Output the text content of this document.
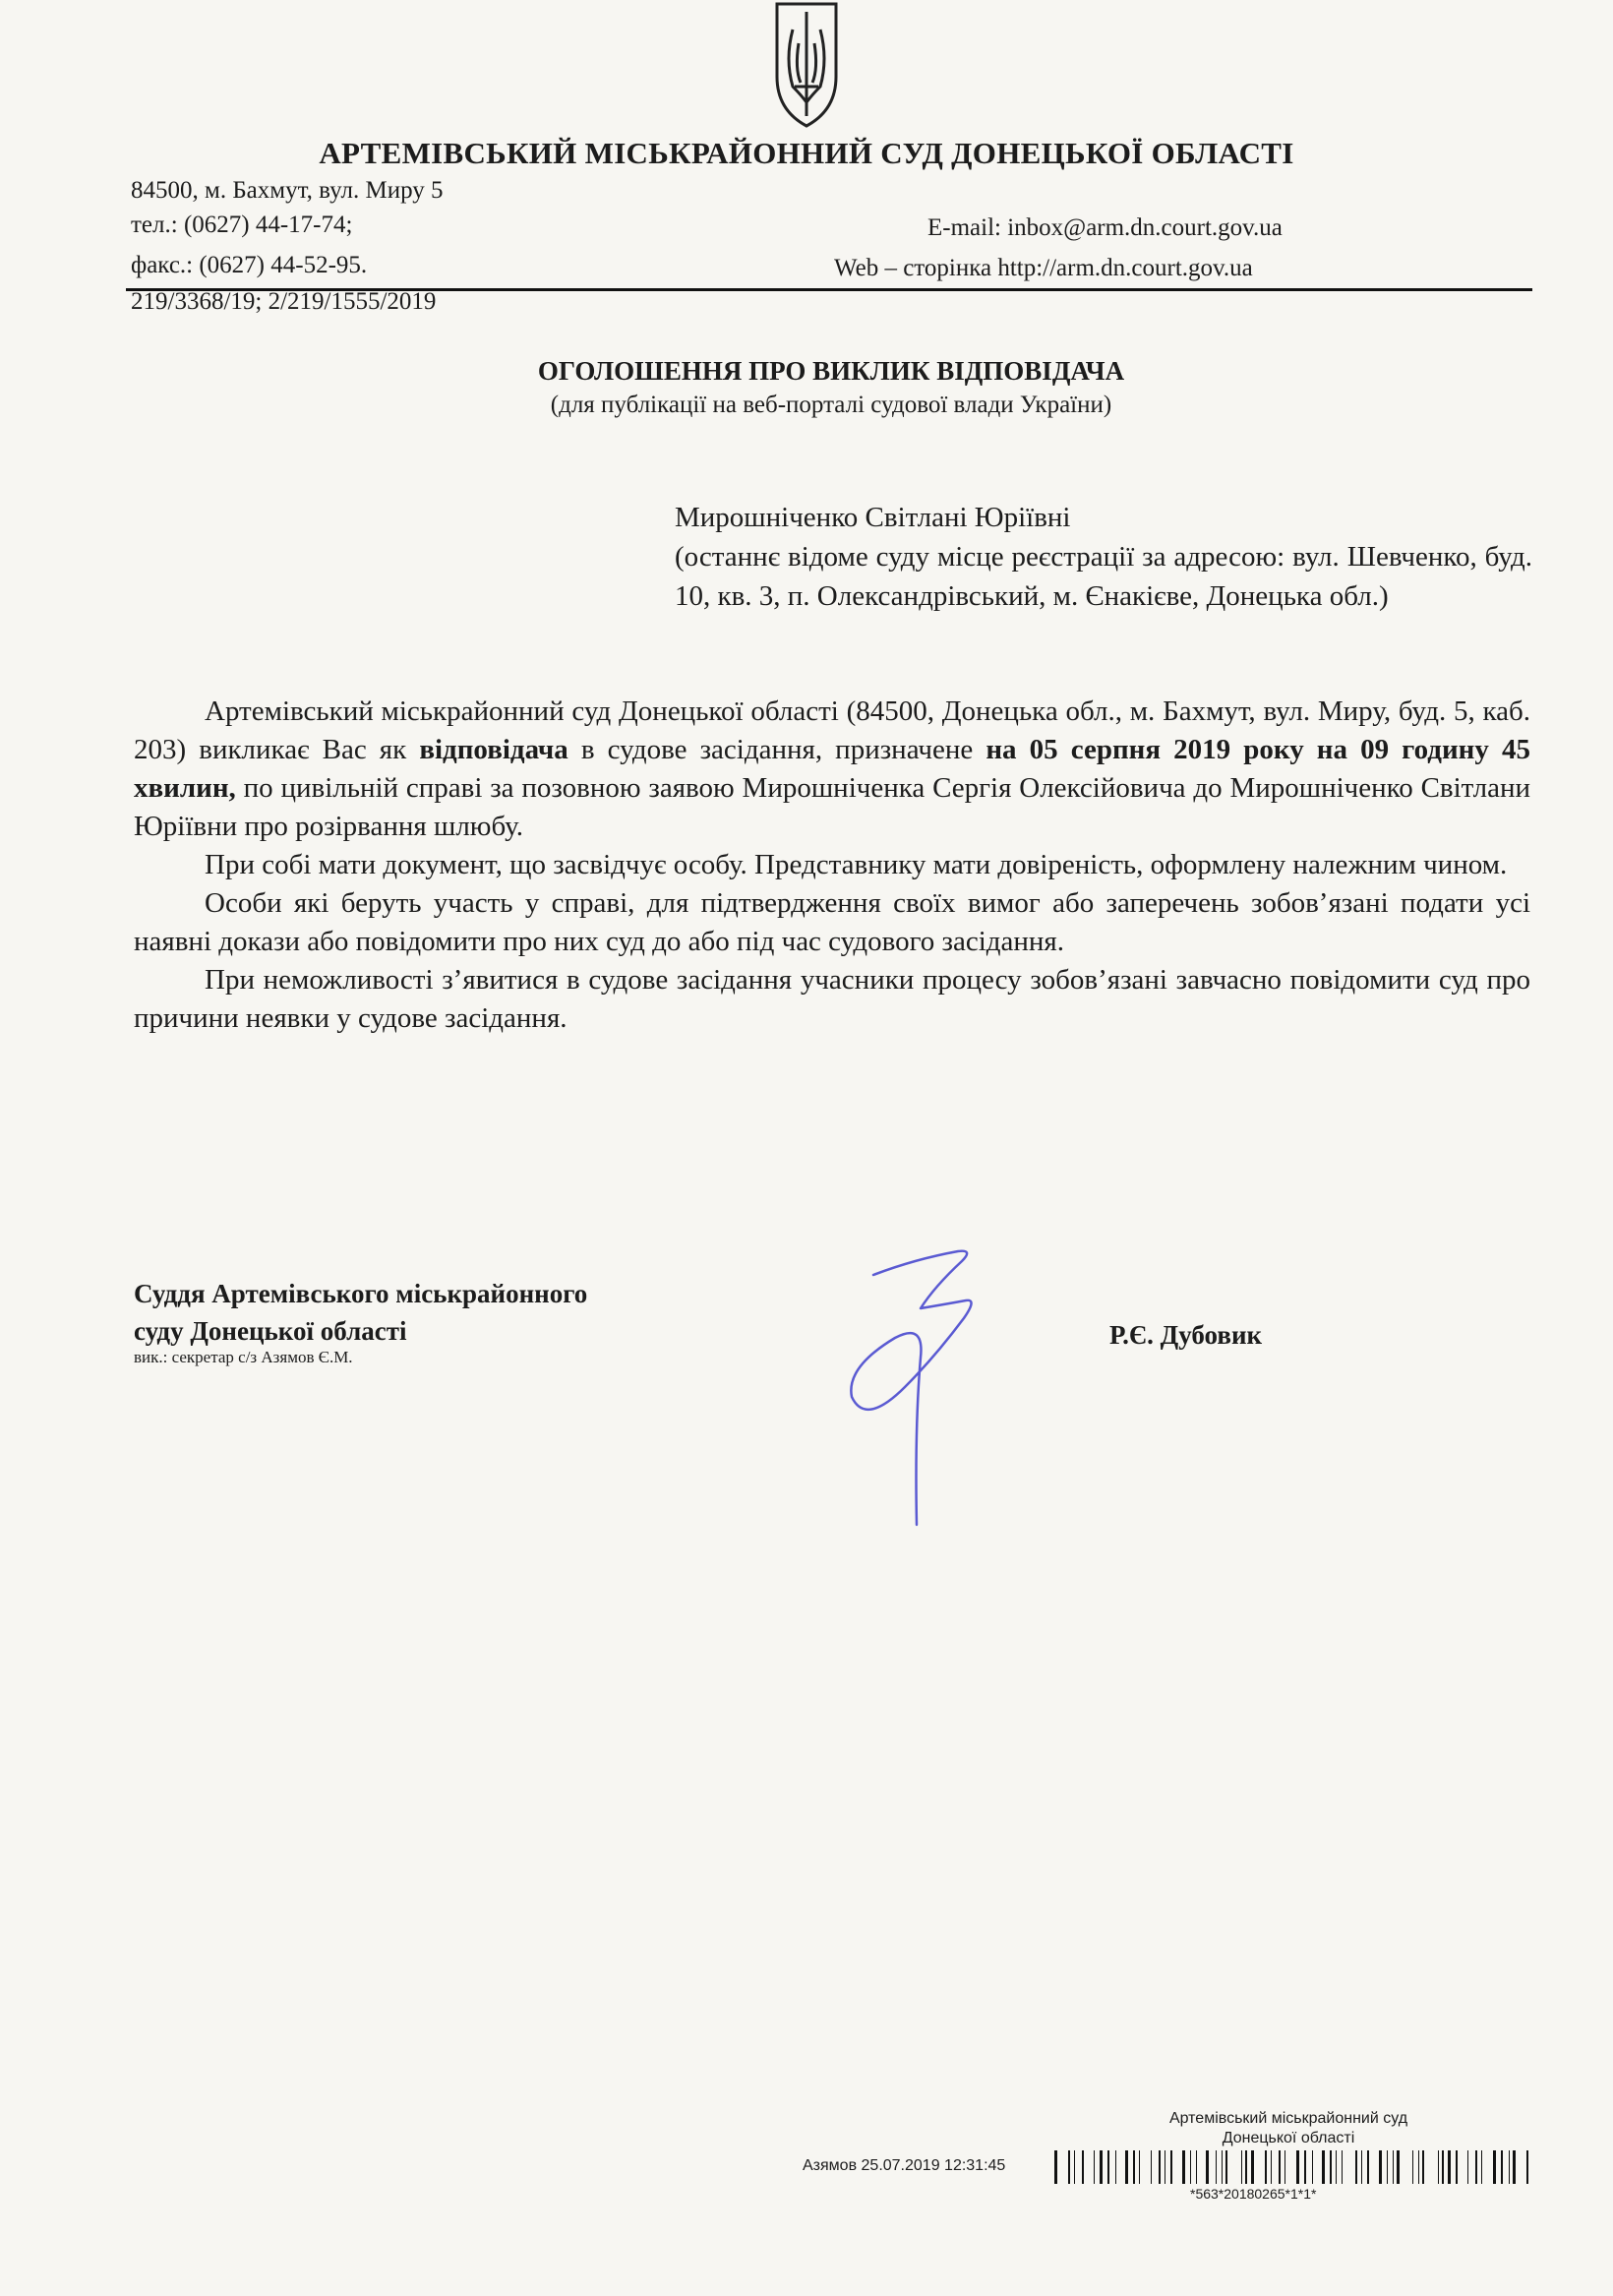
АРТЕМІВСЬКИЙ МІСЬКРАЙОННИЙ СУД ДОНЕЦЬКОЇ ОБЛАСТІ
84500, м. Бахмут, вул. Миру 5
тел.: (0627) 44-17-74;	E-mail: inbox@arm.dn.court.gov.ua
факс.: (0627) 44-52-95.	Web – сторінка http://arm.dn.court.gov.ua
219/3368/19; 2/219/1555/2019
ОГОЛОШЕННЯ ПРО ВИКЛИК ВІДПОВІДАЧА
(для публікації на веб-порталі судової влади України)
Мирошніченко Світлані Юріївні
(останнє відоме суду місце реєстрації за адресою: вул. Шевченко, буд. 10, кв. 3, п. Олександрівський, м. Єнакієве, Донецька обл.)

Артемівський міськрайонний суд Донецької області (84500, Донецька обл., м. Бахмут, вул. Миру, буд. 5, каб. 203) викликає Вас як відповідача в судове засідання, призначене на 05 серпня 2019 року на 09 годину 45 хвилин, по цивільній справі за позовною заявою Мирошніченка Сергія Олексійовича до Мирошніченко Світлани Юріївни про розірвання шлюбу.

При собі мати документ, що засвідчує особу. Представнику мати довіреність, оформлену належним чином.

Особи які беруть участь у справі, для підтвердження своїх вимог або заперечень зобов’язані подати усі наявні докази або повідомити про них суд до або під час судового засідання.

При неможливості з’явитися в судове засідання учасники процесу зобов’язані завчасно повідомити суд про причини неявки у судове засідання.

Суддя Артемівського міськрайонного
суду Донецької області
вик.: секретар с/з Азямов Є.М.
Р.Є. Дубовик
Артемівський міськрайонний суд
Донецької області
Азямов 25.07.2019 12:31:45
*563*20180265*1*1*
